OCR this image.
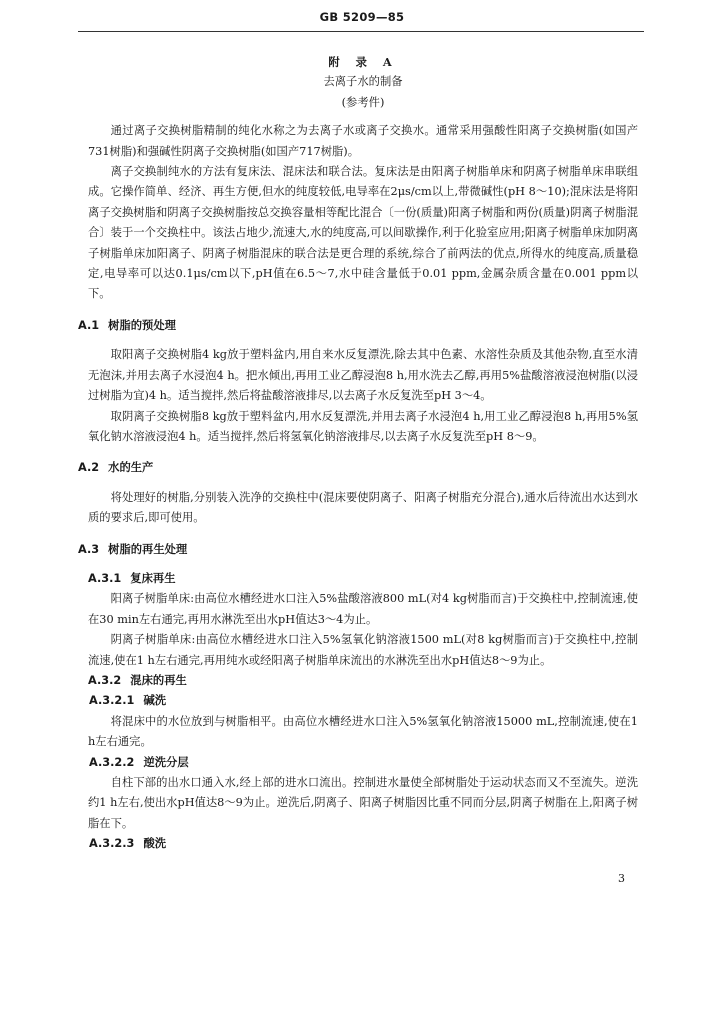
GB 5209—85
附 录 A
去离子水的制备
(参考件)

通过离子交换树脂精制的纯化水称之为去离子水或离子交换水。通常采用强酸性阳离子交换树脂(如国产731树脂)和强碱性阴离子交换树脂(如国产717树脂)。

离子交换制纯水的方法有复床法、混床法和联合法。复床法是由阳离子树脂单床和阴离子树脂单床串联组成。它操作简单、经济、再生方便,但水的纯度较低,电导率在2μs/cm以上,带微碱性(pH 8～10);混床法是将阳离子交换树脂和阴离子交换树脂按总交换容量相等配比混合〔一份(质量)阳离子树脂和两份(质量)阴离子树脂混合〕装于一个交换柱中。该法占地少,流速大,水的纯度高,可以间歇操作,利于化验室应用;阳离子树脂单床加阴离子树脂单床加阳离子、阴离子树脂混床的联合法是更合理的系统,综合了前两法的优点,所得水的纯度高,质量稳定,电导率可以达0.1μs/cm以下,pH值在6.5～7,水中硅含量低于0.01 ppm,金属杂质含量在0.001 ppm以下。

A.1 树脂的预处理

取阳离子交换树脂4 kg放于塑料盆内,用自来水反复漂洗,除去其中色素、水溶性杂质及其他杂物,直至水清无泡沫,并用去离子水浸泡4 h。把水倾出,再用工业乙醇浸泡8 h,用水洗去乙醇,再用5%盐酸溶液浸泡树脂(以浸过树脂为宜)4 h。适当搅拌,然后将盐酸溶液排尽,以去离子水反复洗至pH 3～4。

取阴离子交换树脂8 kg放于塑料盆内,用水反复漂洗,并用去离子水浸泡4 h,用工业乙醇浸泡8 h,再用5%氢氧化钠水溶液浸泡4 h。适当搅拌,然后将氢氧化钠溶液排尽,以去离子水反复洗至pH 8～9。

A.2 水的生产

将处理好的树脂,分别装入洗净的交换柱中(混床要使阴离子、阳离子树脂充分混合),通水后待流出水达到水质的要求后,即可使用。

A.3 树脂的再生处理
A.3.1 复床再生

阳离子树脂单床:由高位水槽经进水口注入5%盐酸溶液800 mL(对4 kg树脂而言)于交换柱中,控制流速,使在30 min左右通完,再用水淋洗至出水pH值达3～4为止。

阴离子树脂单床:由高位水槽经进水口注入5%氢氧化钠溶液1500 mL(对8 kg树脂而言)于交换柱中,控制流速,使在1 h左右通完,再用纯水或经阳离子树脂单床流出的水淋洗至出水pH值达8～9为止。

A.3.2 混床的再生
A.3.2.1 碱洗

将混床中的水位放到与树脂相平。由高位水槽经进水口注入5%氢氧化钠溶液15000 mL,控制流速,使在1 h左右通完。

A.3.2.2 逆洗分层

自柱下部的出水口通入水,经上部的进水口流出。控制进水量使全部树脂处于运动状态而又不至流失。逆洗约1 h左右,使出水pH值达8～9为止。逆洗后,阴离子、阳离子树脂因比重不同而分层,阴离子树脂在上,阳离子树脂在下。

A.3.2.3 酸洗
3
